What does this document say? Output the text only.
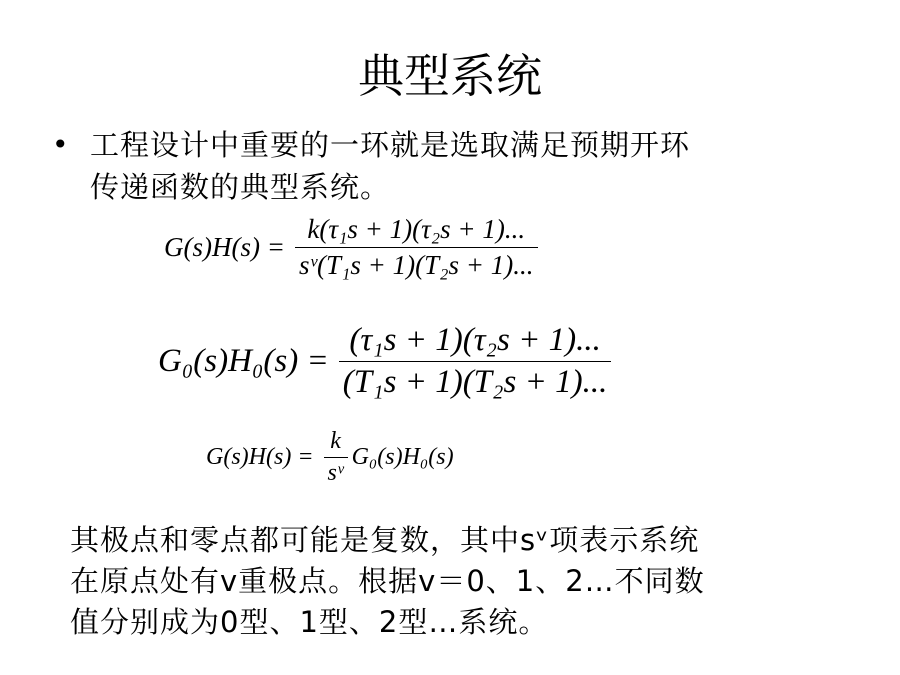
典型系统
• 工程设计中重要的一环就是选取满足预期开环
传递函数的典型系统。
$G(s)H(s) = \frac{\text{k(τ₁s + 1)(τ₂s + 1)...}}{\text{sᵛ(T₁s + 1)(T₂s + 1)...}}$
$G_0(s)H_0(s) = \frac{\text{(τ₁s + 1)(τ₂s + 1)...}}{\text{(T₁s + 1)(T₂s + 1)...}}$
$G(s)H(s) = \frac{k}{\text{sᵛ}} G_0(s)H_0(s)$
其极点和零点都可能是复数，其中sᵛ项表示系统
在原点处有v重极点。根据v＝0、1、2…不同数
值分别成为0型、1型、2型…系统。
